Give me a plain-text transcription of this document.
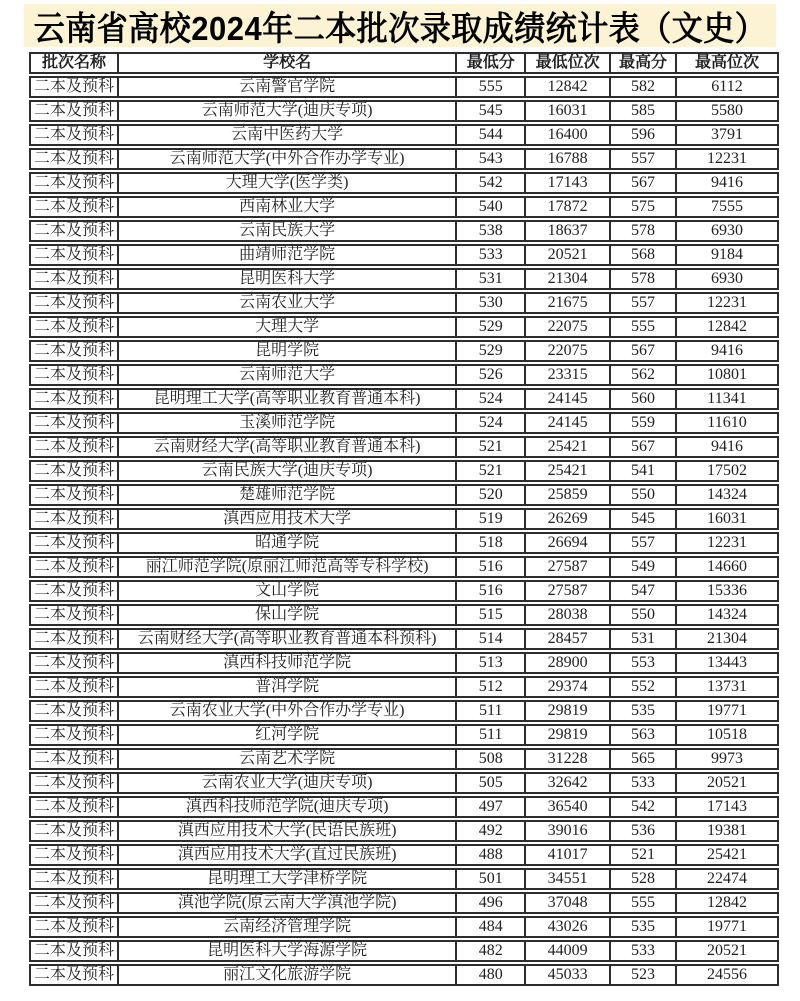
云南省高校2024年二本批次录取成绩统计表（文史）
批次名称	学校名	最低分	最低位次	最高分	最高位次
二本及预科	云南警官学院	555	12842	582	6112
二本及预科	云南师范大学(迪庆专项)	545	16031	585	5580
二本及预科	云南中医药大学	544	16400	596	3791
二本及预科	云南师范大学(中外合作办学专业)	543	16788	557	12231
二本及预科	大理大学(医学类)	542	17143	567	9416
二本及预科	西南林业大学	540	17872	575	7555
二本及预科	云南民族大学	538	18637	578	6930
二本及预科	曲靖师范学院	533	20521	568	9184
二本及预科	昆明医科大学	531	21304	578	6930
二本及预科	云南农业大学	530	21675	557	12231
二本及预科	大理大学	529	22075	555	12842
二本及预科	昆明学院	529	22075	567	9416
二本及预科	云南师范大学	526	23315	562	10801
二本及预科	昆明理工大学(高等职业教育普通本科)	524	24145	560	11341
二本及预科	玉溪师范学院	524	24145	559	11610
二本及预科	云南财经大学(高等职业教育普通本科)	521	25421	567	9416
二本及预科	云南民族大学(迪庆专项)	521	25421	541	17502
二本及预科	楚雄师范学院	520	25859	550	14324
二本及预科	滇西应用技术大学	519	26269	545	16031
二本及预科	昭通学院	518	26694	557	12231
二本及预科	丽江师范学院(原丽江师范高等专科学校)	516	27587	549	14660
二本及预科	文山学院	516	27587	547	15336
二本及预科	保山学院	515	28038	550	14324
二本及预科	云南财经大学(高等职业教育普通本科预科)	514	28457	531	21304
二本及预科	滇西科技师范学院	513	28900	553	13443
二本及预科	普洱学院	512	29374	552	13731
二本及预科	云南农业大学(中外合作办学专业)	511	29819	535	19771
二本及预科	红河学院	511	29819	563	10518
二本及预科	云南艺术学院	508	31228	565	9973
二本及预科	云南农业大学(迪庆专项)	505	32642	533	20521
二本及预科	滇西科技师范学院(迪庆专项)	497	36540	542	17143
二本及预科	滇西应用技术大学(民语民族班)	492	39016	536	19381
二本及预科	滇西应用技术大学(直过民族班)	488	41017	521	25421
二本及预科	昆明理工大学津桥学院	501	34551	528	22474
二本及预科	滇池学院(原云南大学滇池学院)	496	37048	555	12842
二本及预科	云南经济管理学院	484	43026	535	19771
二本及预科	昆明医科大学海源学院	482	44009	533	20521
二本及预科	丽江文化旅游学院	480	45033	523	24556
